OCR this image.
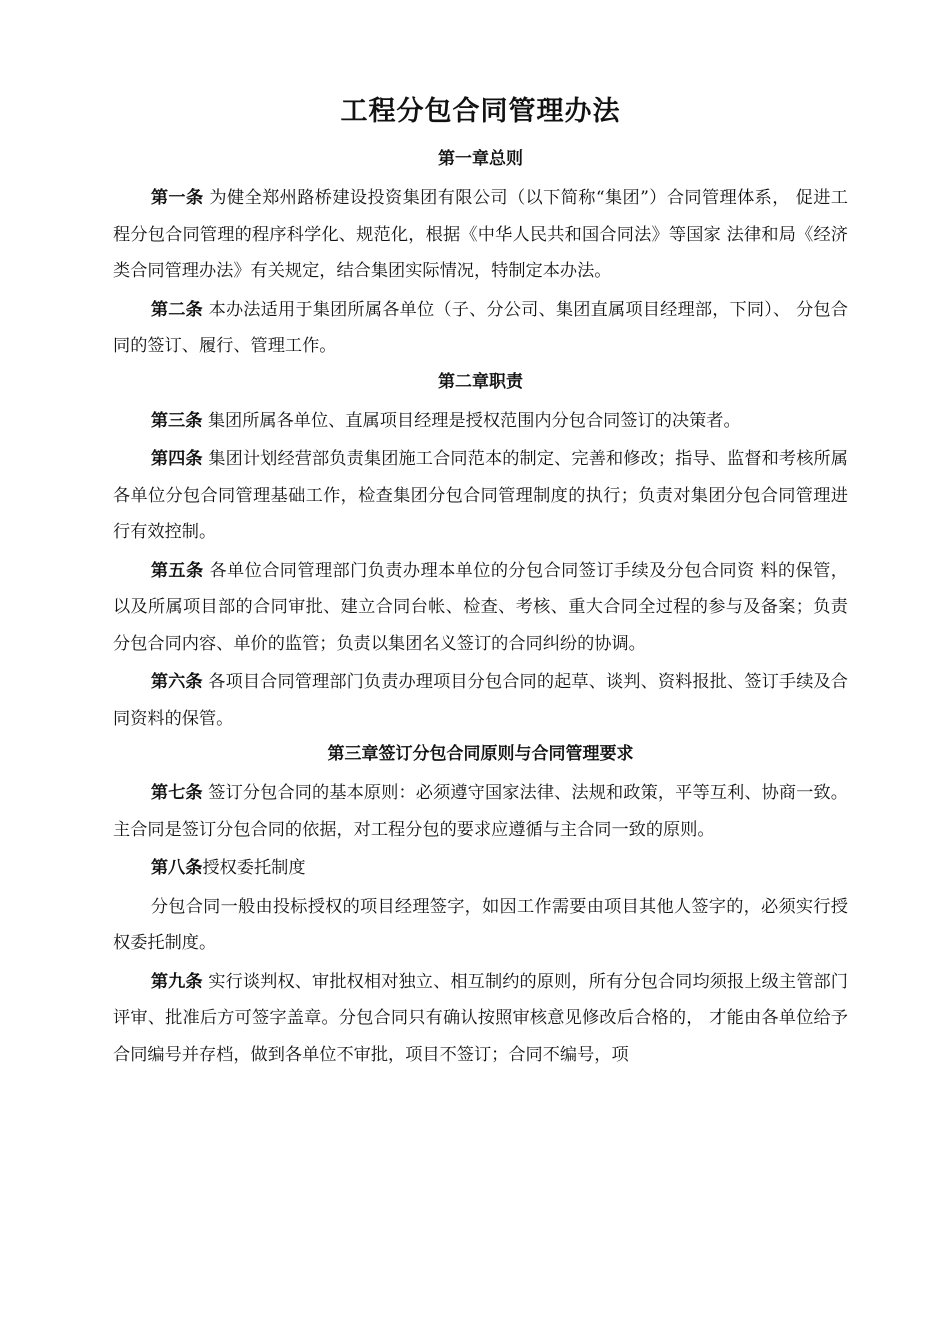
工程分包合同管理办法
第一章总则

第一条 为健全郑州路桥建设投资集团有限公司（以下简称“集团”）合同管理体系， 促进工程分包合同管理的程序科学化、规范化，根据《中华人民共和国合同法》等国家 法律和局《经济类合同管理办法》有关规定，结合集团实际情况，特制定本办法。

第二条 本办法适用于集团所属各单位（子、分公司、集团直属项目经理部，下同）、 分包合同的签订、履行、管理工作。

第二章职责

第三条 集团所属各单位、直属项目经理是授权范围内分包合同签订的决策者。

第四条 集团计划经营部负责集团施工合同范本的制定、完善和修改；指导、监督和考核所属各单位分包合同管理基础工作，检查集团分包合同管理制度的执行；负责对集团分包合同管理进行有效控制。

第五条 各单位合同管理部门负责办理本单位的分包合同签订手续及分包合同资 料的保管，以及所属项目部的合同审批、建立合同台帐、检查、考核、重大合同全过程的参与及备案；负责分包合同内容、单价的监管；负责以集团名义签订的合同纠纷的协调。

第六条 各项目合同管理部门负责办理项目分包合同的起草、谈判、资料报批、签订手续及合同资料的保管。

第三章签订分包合同原则与合同管理要求

第七条 签订分包合同的基本原则：必须遵守国家法律、法规和政策，平等互利、协商一致。主合同是签订分包合同的依据，对工程分包的要求应遵循与主合同一致的原则。

第八条授权委托制度

分包合同一般由投标授权的项目经理签字，如因工作需要由项目其他人签字的，必须实行授权委托制度。

第九条 实行谈判权、审批权相对独立、相互制约的原则，所有分包合同均须报上级主管部门评审、批准后方可签字盖章。分包合同只有确认按照审核意见修改后合格的， 才能由各单位给予合同编号并存档，做到各单位不审批，项目不签订；合同不编号，项
